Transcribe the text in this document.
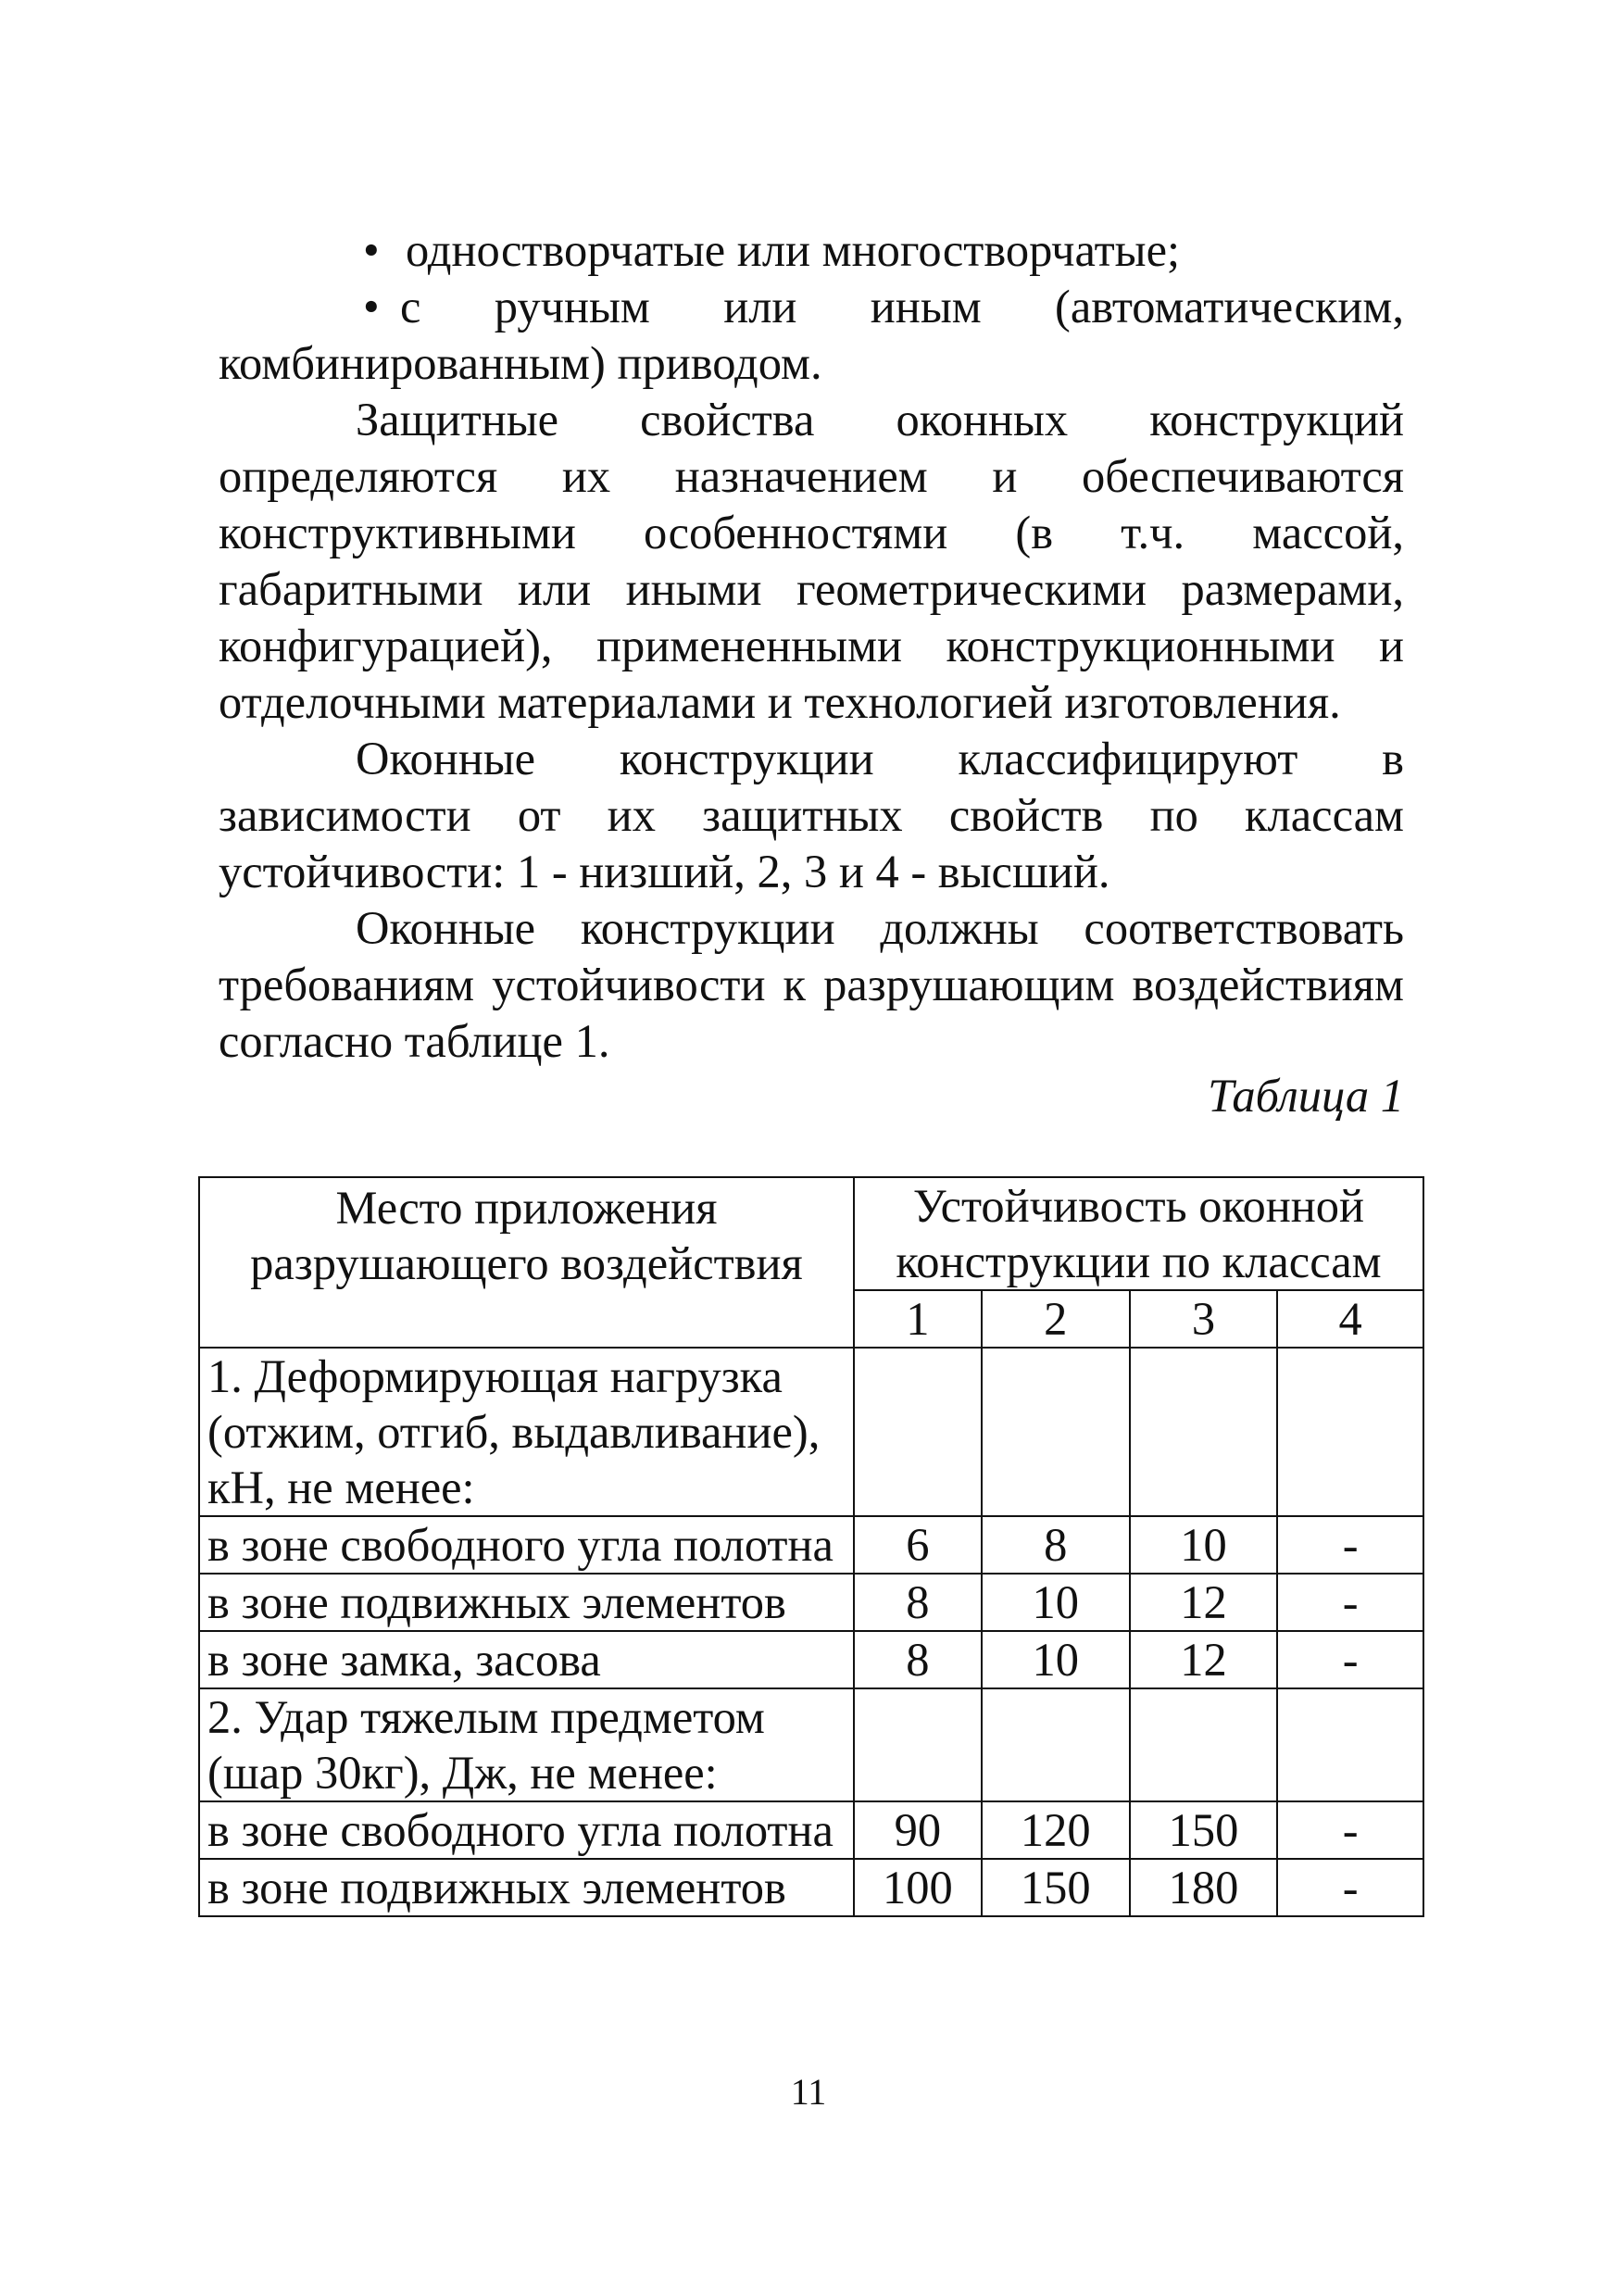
• одностворчатые или многостворчатые;

• с ручным или иным (автоматическим, комбинированным) приводом.

Защитные свойства оконных конструкций определяются их назначением и обеспечиваются конструктивными особенностями (в т.ч. массой, габаритными или иными геометрическими размерами, конфигурацией), примененными конструкционными и отделочными материалами и технологией изготовления.

Оконные конструкции классифицируют в зависимости от их защитных свойств по классам устойчивости: 1 - низший, 2, 3 и 4 - высший.

Оконные конструкции должны соответствовать требованиям устойчивости к разрушающим воздействиям согласно таблице 1.

Таблица 1
Место приложения разрушающего воздействия	Устойчивость оконной конструкции по классам			
	1	2	3	4
1. Деформирующая нагрузка (отжим, отгиб, выдавливание), кН, не менее:				
в зоне свободного угла полотна	6	8	10	-
в зоне подвижных элементов	8	10	12	-
в зоне замка, засова	8	10	12	-
2. Удар тяжелым предметом (шар 30кг), Дж, не менее:				
в зоне свободного угла полотна	90	120	150	-
в зоне подвижных элементов	100	150	180	-
11
